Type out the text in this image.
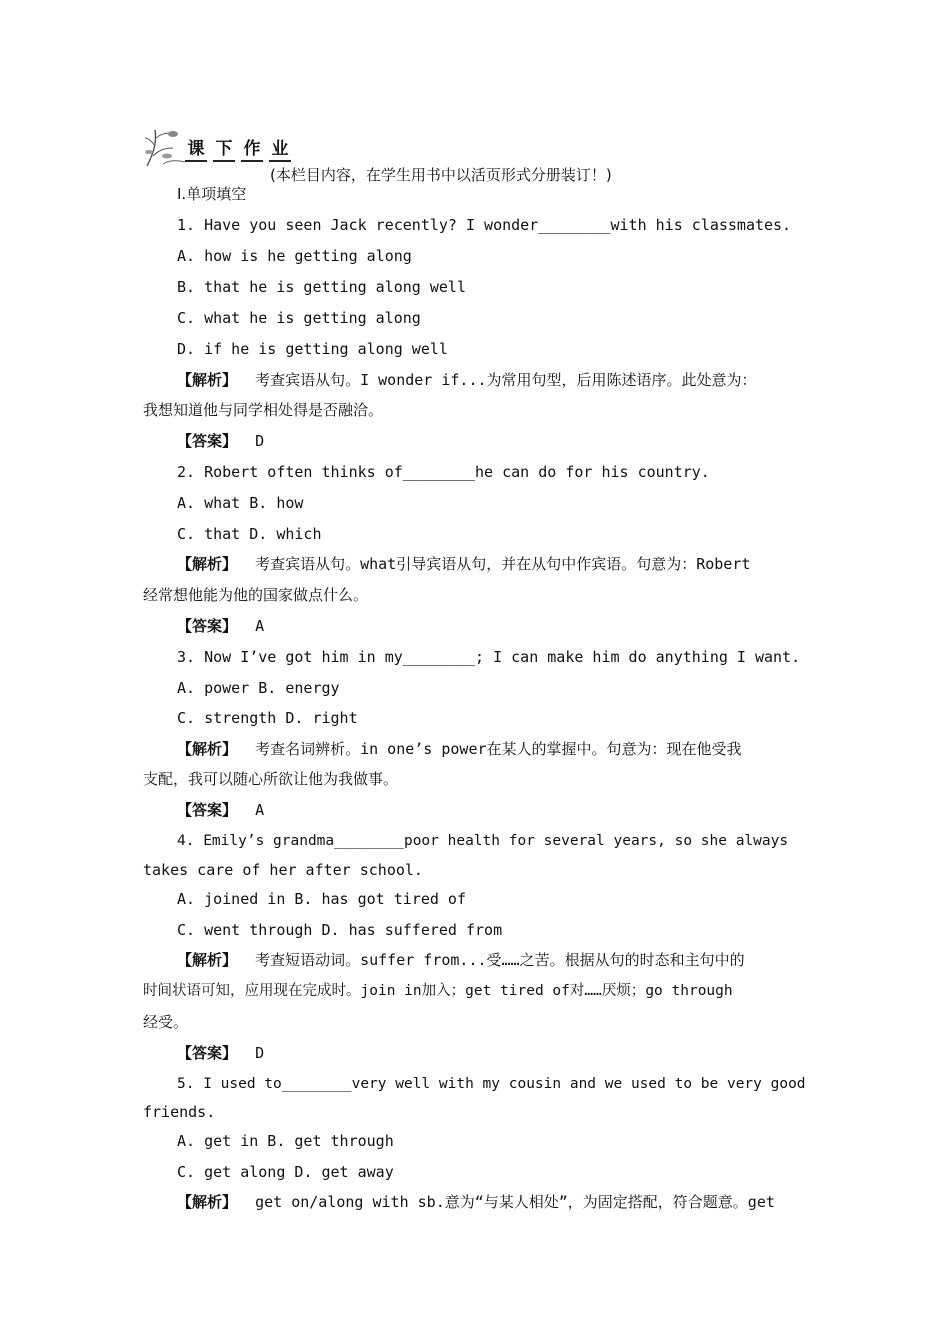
课 下 作 业
(本栏目内容，在学生用书中以活页形式分册装订！)
Ⅰ.单项填空
1. Have you seen Jack recently? I wonder________with his classmates.
A. how is he getting along
B. that he is getting along well
C. what he is getting along
D. if he is getting along well
【解析】 考查宾语从句。I wonder if...为常用句型，后用陈述语序。此处意为：
我想知道他与同学相处得是否融洽。
【答案】 D
2. Robert often thinks of________he can do for his country.
A. what B. how
C. that D. which
【解析】 考查宾语从句。what引导宾语从句，并在从句中作宾语。句意为：Robert
经常想他能为他的国家做点什么。
【答案】 A
3. Now I’ve got him in my________; I can make him do anything I want.
A. power B. energy
C. strength D. right
【解析】 考查名词辨析。in one’s power在某人的掌握中。句意为：现在他受我
支配，我可以随心所欲让他为我做事。
【答案】 A
4. Emily’s grandma________poor health for several years, so she always
takes care of her after school.
A. joined in B. has got tired of
C. went through D. has suffered from
【解析】 考查短语动词。suffer from...受……之苦。根据从句的时态和主句中的
时间状语可知，应用现在完成时。join in加入；get tired of对……厌烦；go through
经受。
【答案】 D
5. I used to________very well with my cousin and we used to be very good
friends.
A. get in B. get through
C. get along D. get away
【解析】 get on/along with sb.意为“与某人相处”，为固定搭配，符合题意。get
